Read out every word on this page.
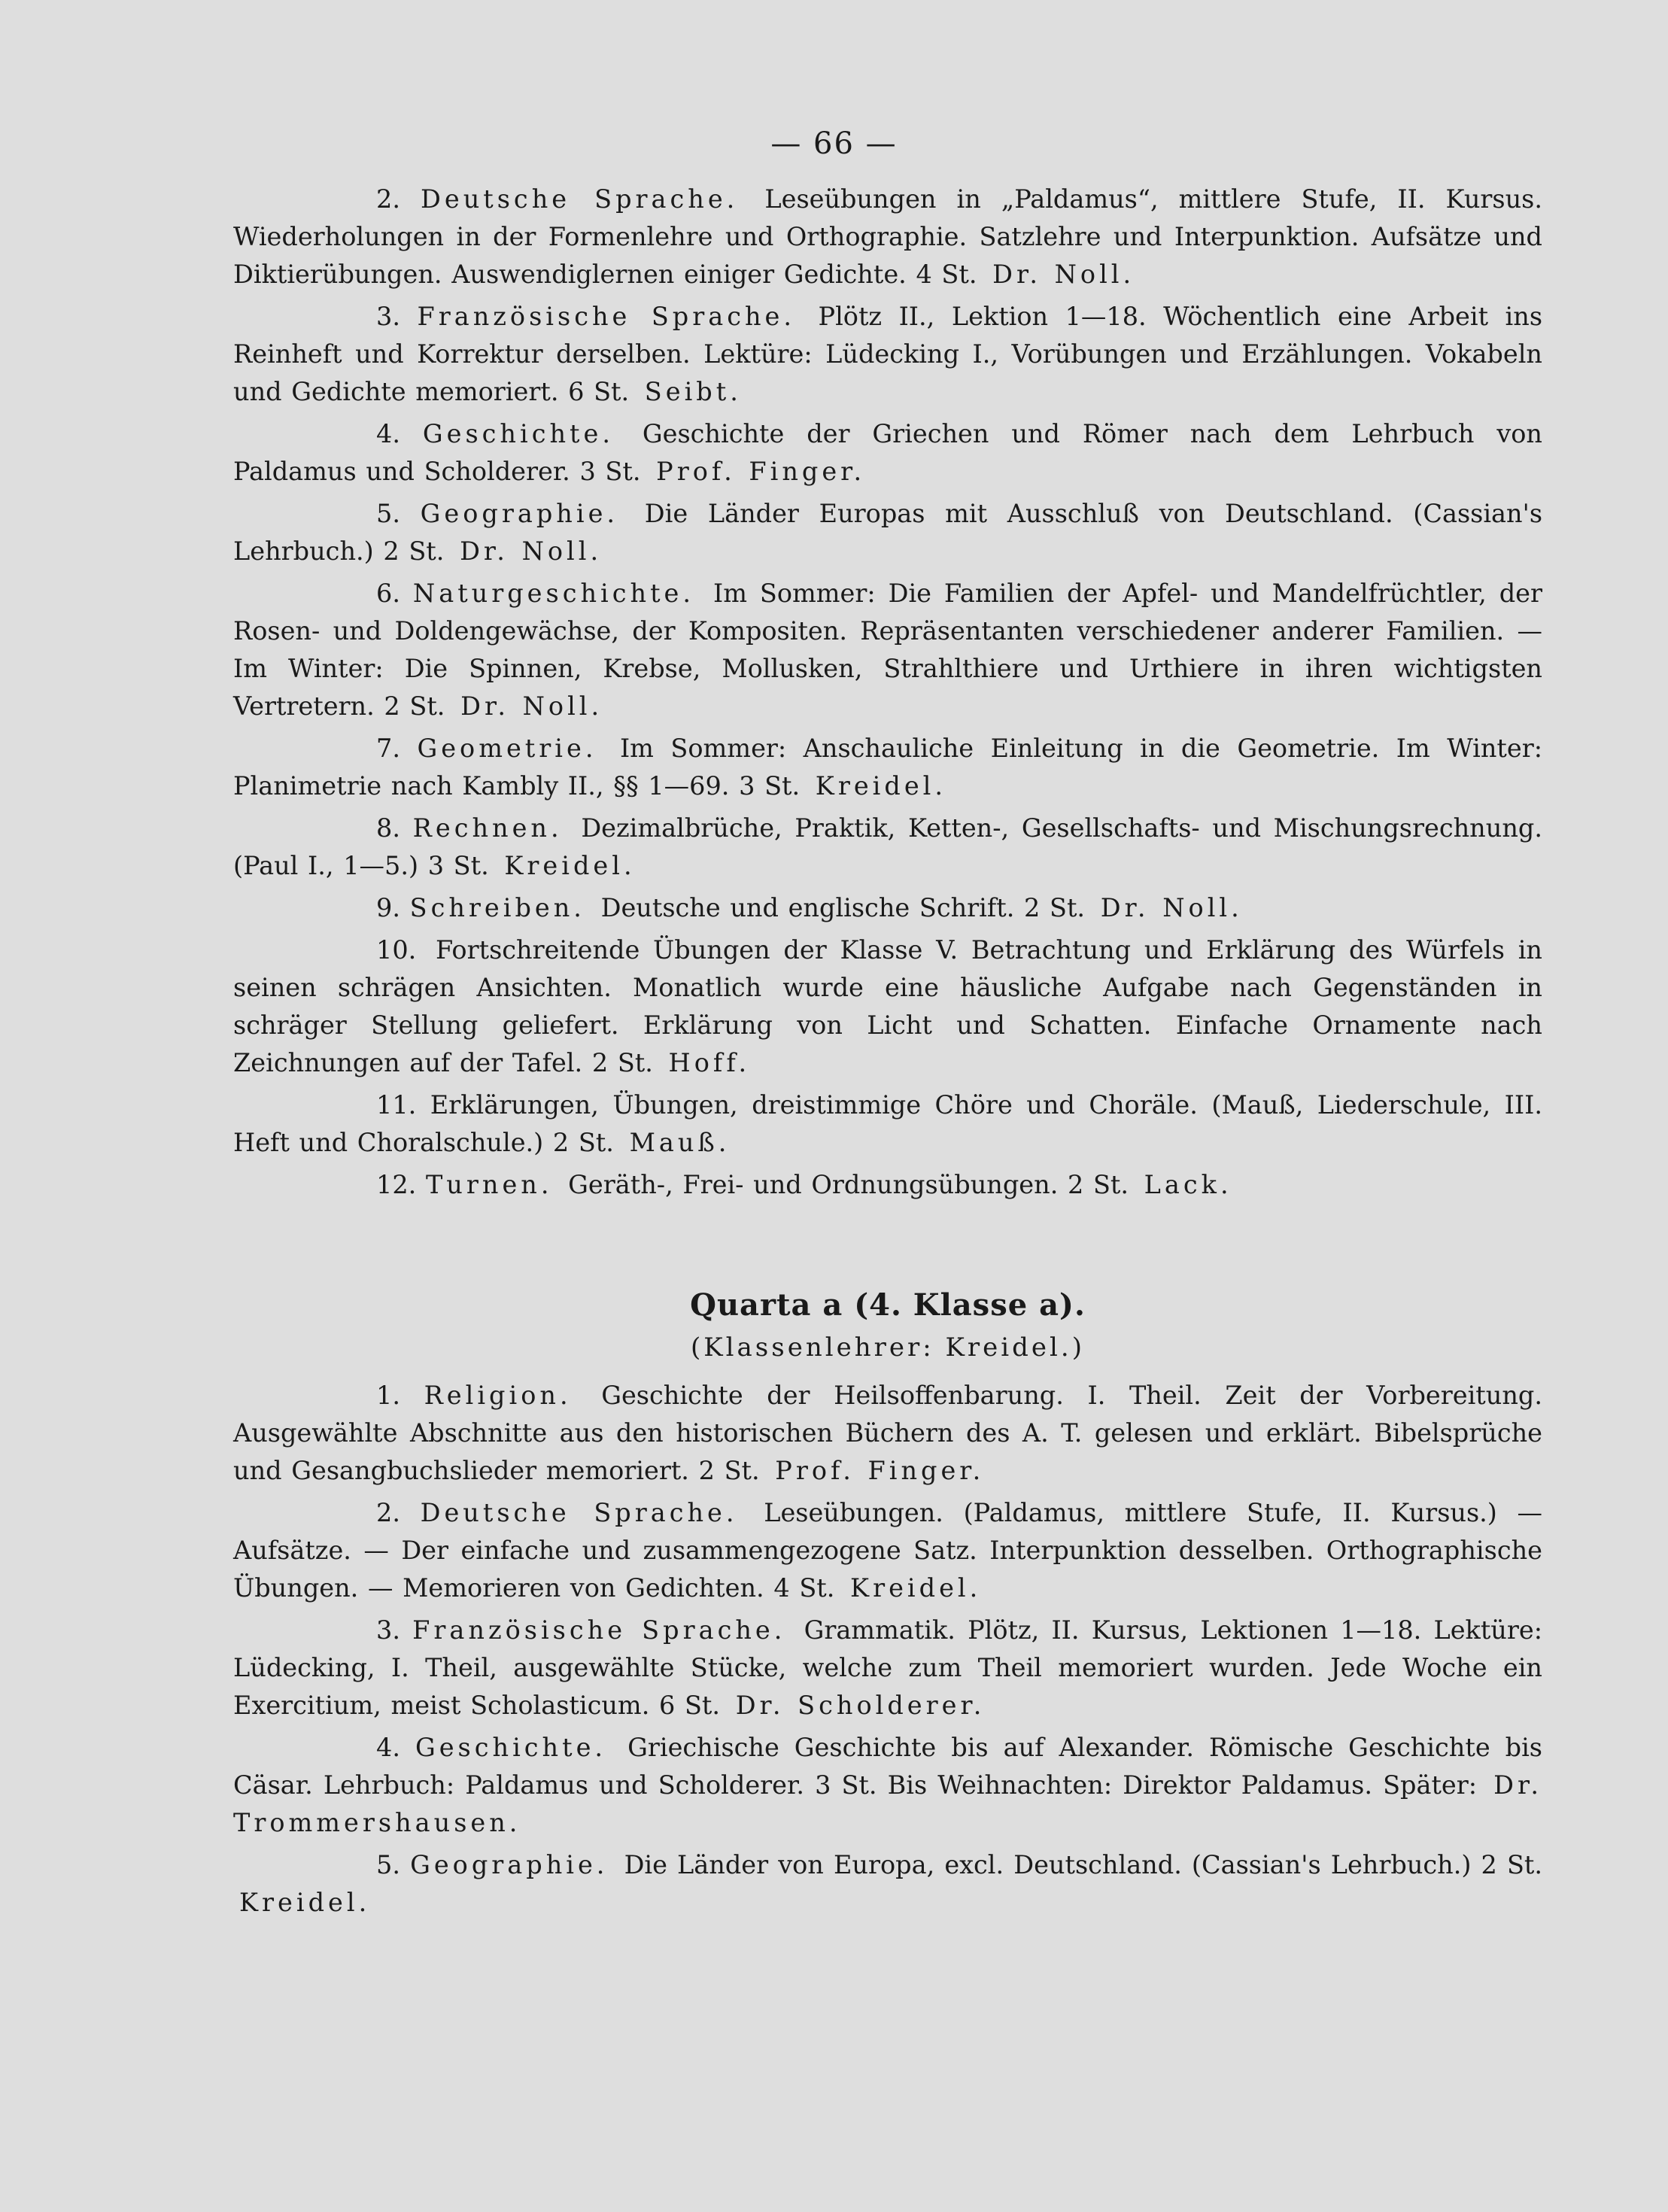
— 66 —

2. Deutsche Sprache. Leseübungen in „Paldamus“, mittlere Stufe, II. Kursus. Wiederholungen in der Formenlehre und Orthographie. Satzlehre und Interpunktion. Aufsätze und Diktierübungen. Auswendiglernen einiger Gedichte. 4 St. Dr. Noll.

3. Französische Sprache. Plötz II., Lektion 1—18. Wöchentlich eine Arbeit ins Reinheft und Korrektur derselben. Lektüre: Lüdecking I., Vorübungen und Erzählungen. Vokabeln und Gedichte memoriert. 6 St. Seibt.

4. Geschichte. Geschichte der Griechen und Römer nach dem Lehrbuch von Paldamus und Scholderer. 3 St. Prof. Finger.

5. Geographie. Die Länder Europas mit Ausschluß von Deutschland. (Cassian's Lehrbuch.) 2 St. Dr. Noll.

6. Naturgeschichte. Im Sommer: Die Familien der Apfel- und Mandelfrüchtler, der Rosen- und Doldengewächse, der Kompositen. Repräsentanten verschiedener anderer Familien. — Im Winter: Die Spinnen, Krebse, Mollusken, Strahlthiere und Urthiere in ihren wichtigsten Vertretern. 2 St. Dr. Noll.

7. Geometrie. Im Sommer: Anschauliche Einleitung in die Geometrie. Im Winter: Planimetrie nach Kambly II., §§ 1—69. 3 St. Kreidel.

8. Rechnen. Dezimalbrüche, Praktik, Ketten-, Gesellschafts- und Mischungsrechnung. (Paul I., 1—5.) 3 St. Kreidel.

9. Schreiben. Deutsche und englische Schrift. 2 St. Dr. Noll.

10. Fortschreitende Übungen der Klasse V. Betrachtung und Erklärung des Würfels in seinen schrägen Ansichten. Monatlich wurde eine häusliche Aufgabe nach Gegenständen in schräger Stellung geliefert. Erklärung von Licht und Schatten. Einfache Ornamente nach Zeichnungen auf der Tafel. 2 St. Hoff.

11. Erklärungen, Übungen, dreistimmige Chöre und Choräle. (Mauß, Liederschule, III. Heft und Choralschule.) 2 St. Mauß.

12. Turnen. Geräth-, Frei- und Ordnungsübungen. 2 St. Lack.

Quarta a (4. Klasse a).
(Klassenlehrer: Kreidel.)

1. Religion. Geschichte der Heilsoffenbarung. I. Theil. Zeit der Vorbereitung. Ausgewählte Abschnitte aus den historischen Büchern des A. T. gelesen und erklärt. Bibelsprüche und Gesangbuchslieder memoriert. 2 St. Prof. Finger.

2. Deutsche Sprache. Leseübungen. (Paldamus, mittlere Stufe, II. Kursus.) — Aufsätze. — Der einfache und zusammengezogene Satz. Interpunktion desselben. Orthographische Übungen. — Memorieren von Gedichten. 4 St. Kreidel.

3. Französische Sprache. Grammatik. Plötz, II. Kursus, Lektionen 1—18. Lektüre: Lüdecking, I. Theil, ausgewählte Stücke, welche zum Theil memoriert wurden. Jede Woche ein Exercitium, meist Scholasticum. 6 St. Dr. Scholderer.

4. Geschichte. Griechische Geschichte bis auf Alexander. Römische Geschichte bis Cäsar. Lehrbuch: Paldamus und Scholderer. 3 St. Bis Weihnachten: Direktor Paldamus. Später: Dr. Trommershausen.

5. Geographie. Die Länder von Europa, excl. Deutschland. (Cassian's Lehrbuch.) 2 St. Kreidel.
